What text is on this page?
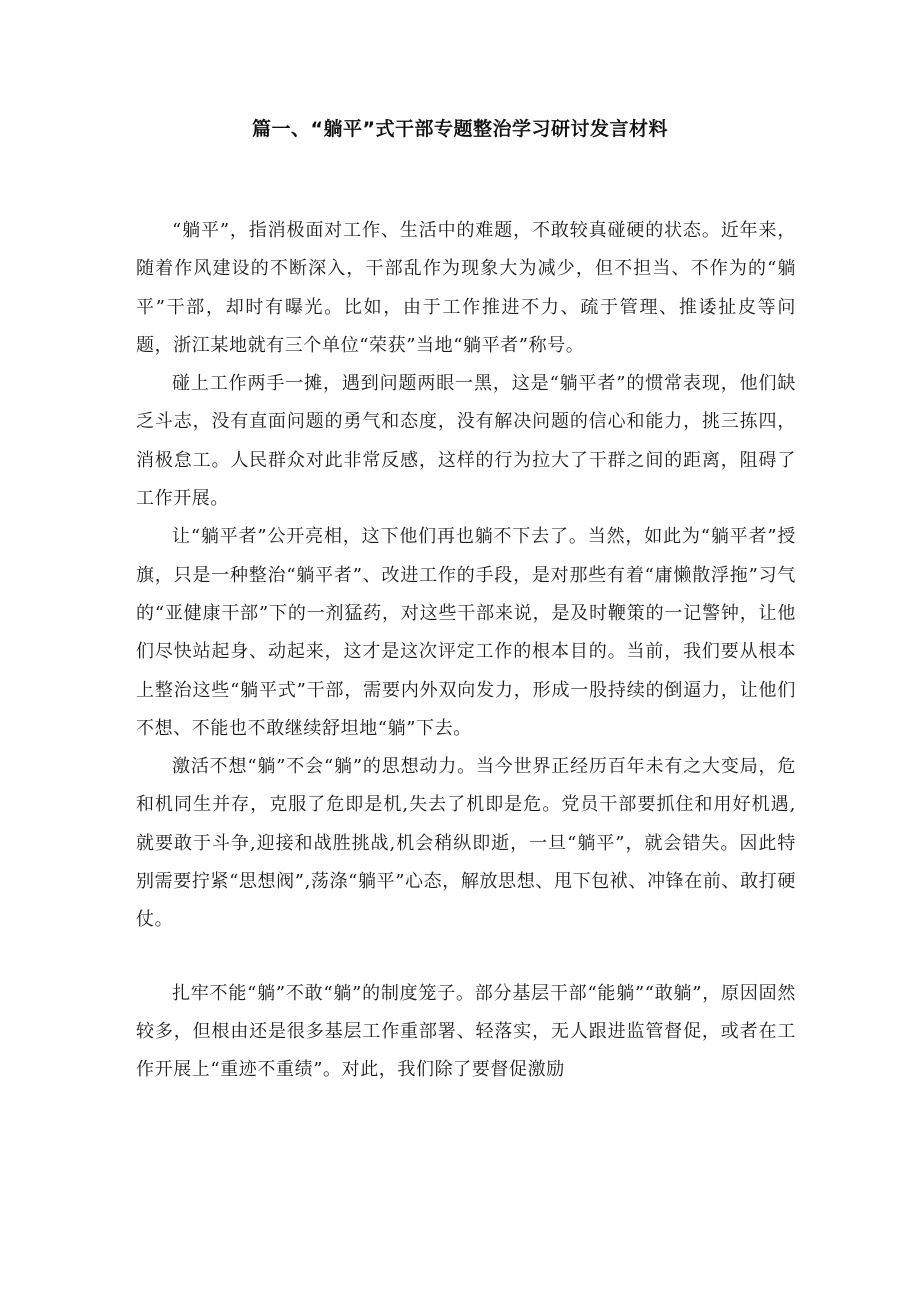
篇一、“躺平”式干部专题整治学习研讨发言材料

“躺平”，指消极面对工作、生活中的难题，不敢较真碰硬的状态。近年来，随着作风建设的不断深入，干部乱作为现象大为减少，但不担当、不作为的“躺平”干部，却时有曝光。比如，由于工作推进不力、疏于管理、推诿扯皮等问题，浙江某地就有三个单位“荣获”当地“躺平者”称号。

碰上工作两手一摊，遇到问题两眼一黑，这是“躺平者”的惯常表现，他们缺乏斗志，没有直面问题的勇气和态度，没有解决问题的信心和能力，挑三拣四，消极怠工。人民群众对此非常反感，这样的行为拉大了干群之间的距离，阻碍了工作开展。

让“躺平者”公开亮相，这下他们再也躺不下去了。当然，如此为“躺平者”授旗，只是一种整治“躺平者”、改进工作的手段，是对那些有着“庸懒散浮拖”习气的“亚健康干部”下的一剂猛药，对这些干部来说，是及时鞭策的一记警钟，让他们尽快站起身、动起来，这才是这次评定工作的根本目的。当前，我们要从根本上整治这些“躺平式”干部，需要内外双向发力，形成一股持续的倒逼力，让他们不想、不能也不敢继续舒坦地“躺”下去。

激活不想“躺”不会“躺”的思想动力。当今世界正经历百年未有之大变局，危和机同生并存，克服了危即是机,失去了机即是危。党员干部要抓住和用好机遇,就要敢于斗争,迎接和战胜挑战,机会稍纵即逝，一旦“躺平”，就会错失。因此特别需要拧紧“思想阀”,荡涤“躺平”心态，解放思想、甩下包袱、冲锋在前、敢打硬仗。

扎牢不能“躺”不敢“躺”的制度笼子。部分基层干部“能躺”“敢躺”，原因固然较多，但根由还是很多基层工作重部署、轻落实，无人跟进监管督促，或者在工作开展上“重迹不重绩”。对此，我们除了要督促激励
